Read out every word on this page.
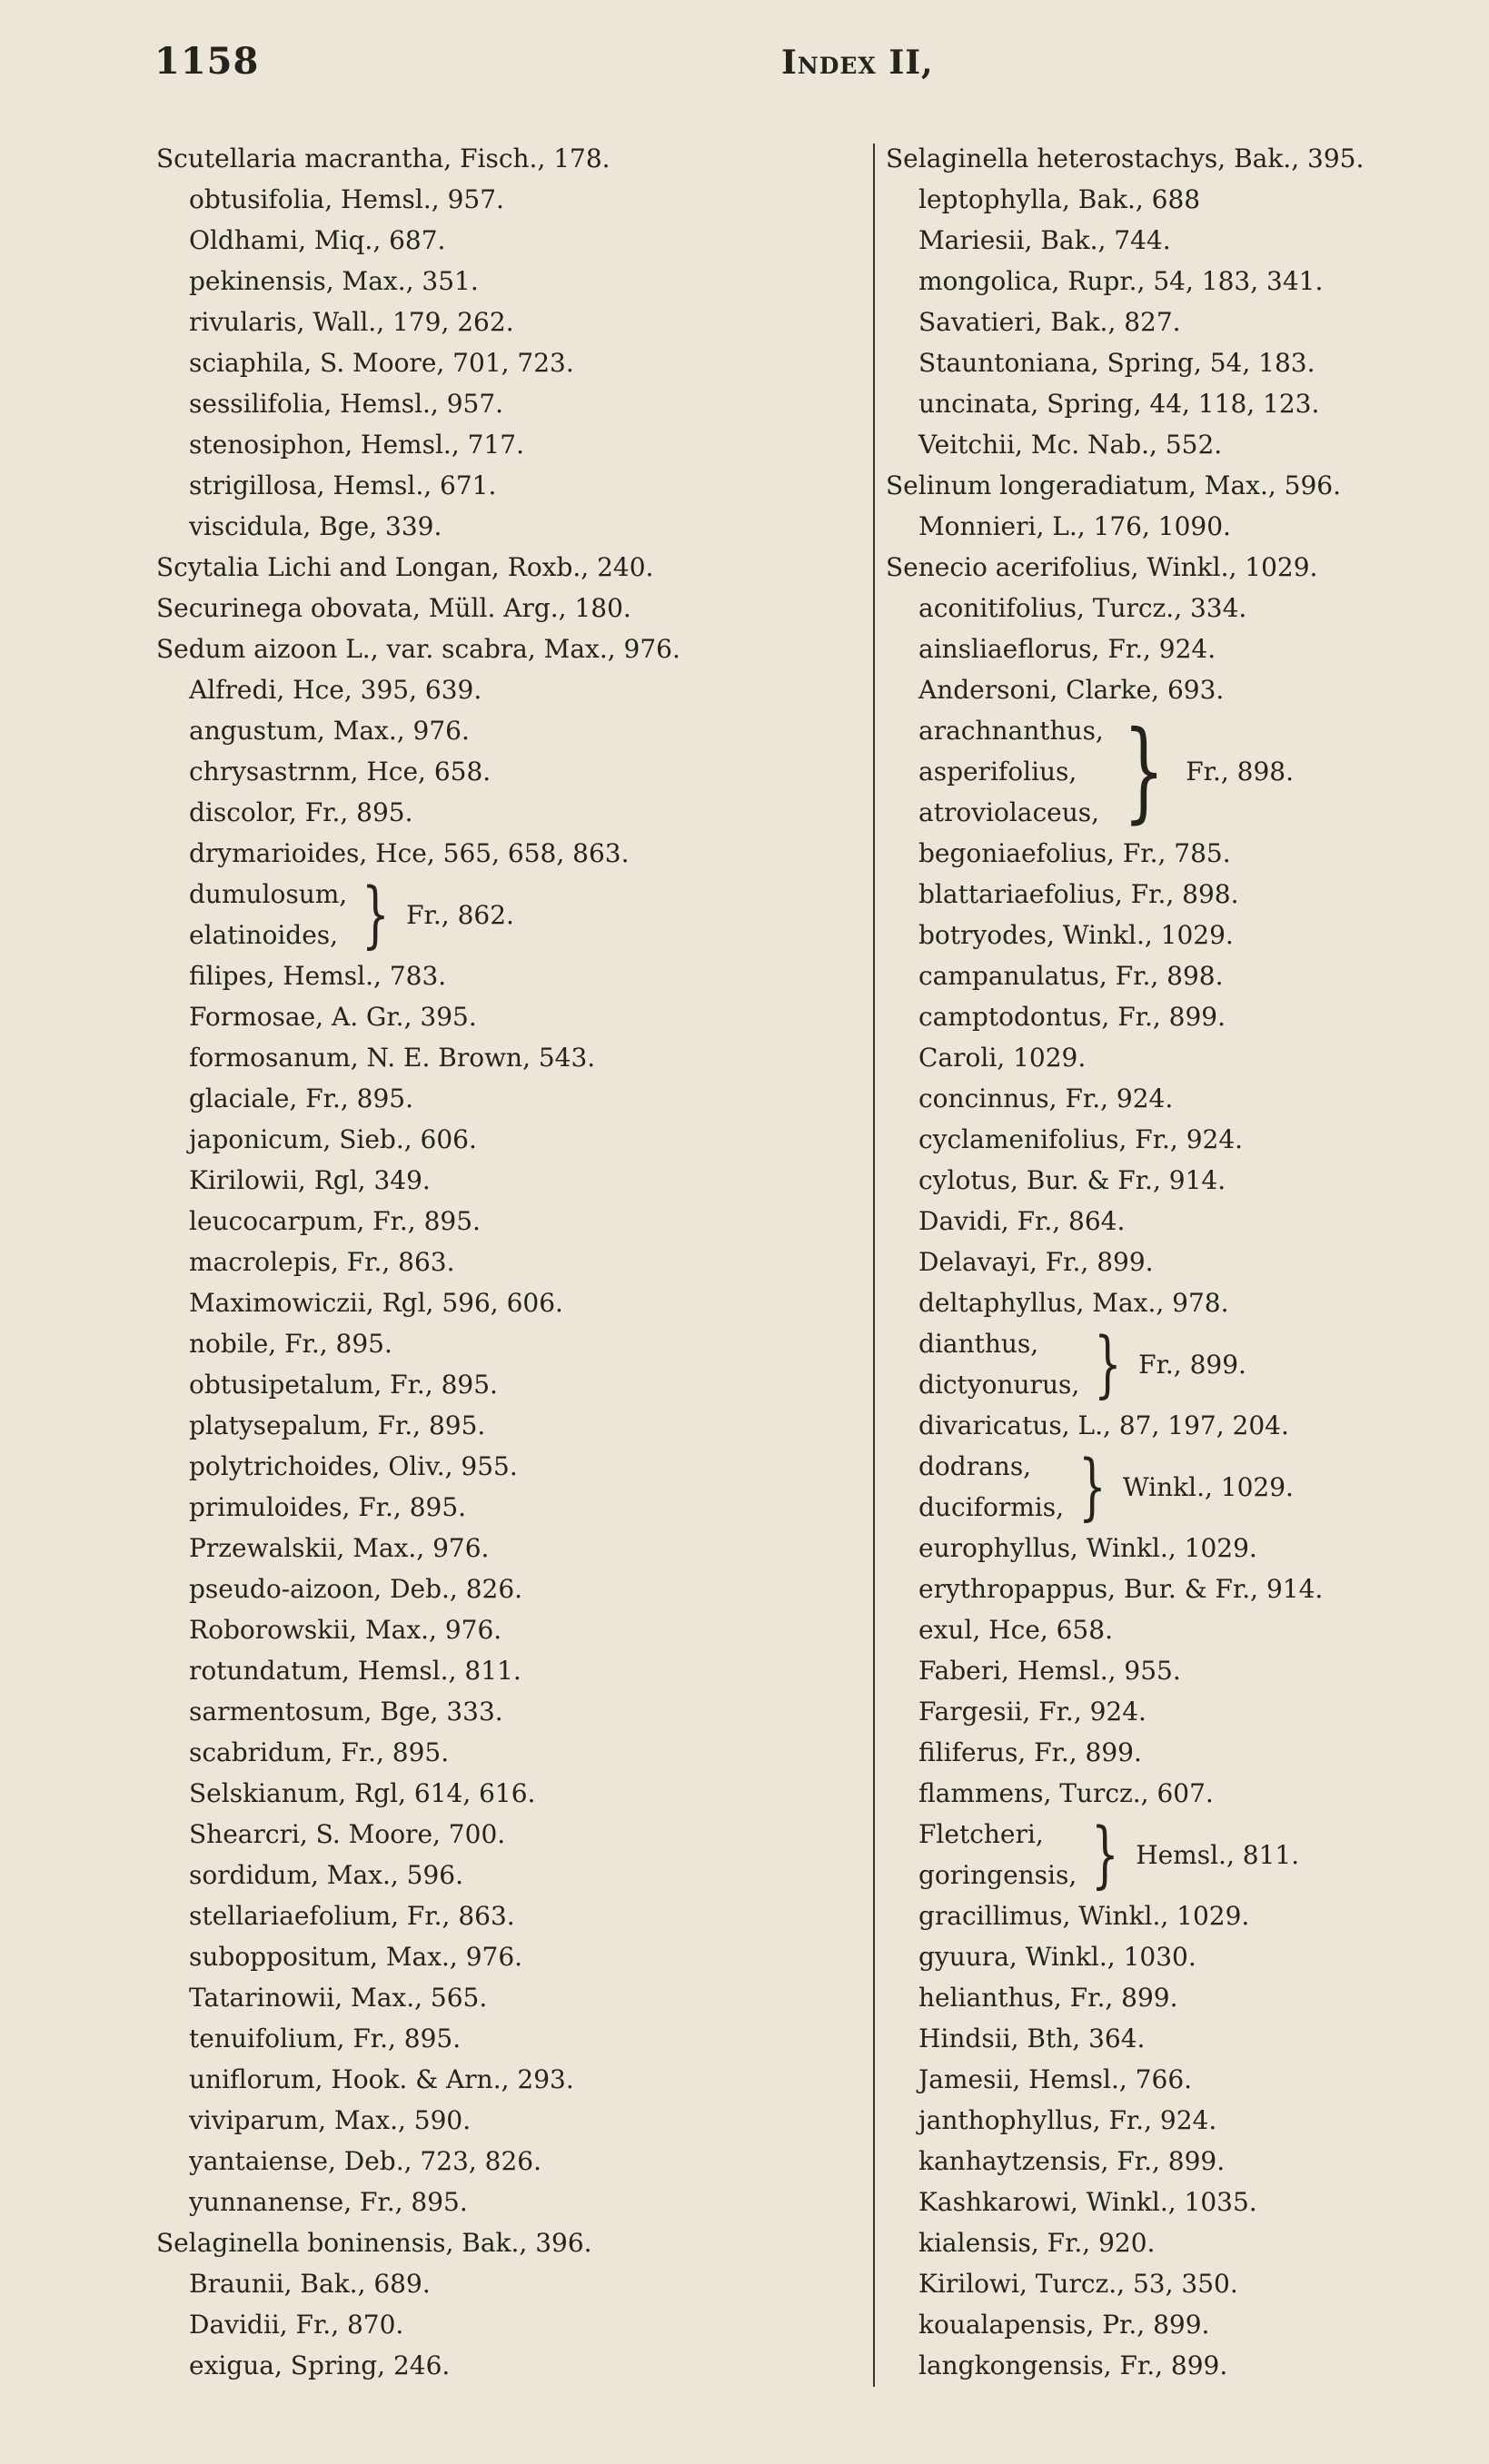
1158	Index II,
Scutellaria macrantha, Fisch., 178.
obtusifolia, Hemsl., 957.
Oldhami, Miq., 687.
pekinensis, Max., 351.
rivularis, Wall., 179, 262.
sciaphila, S. Moore, 701, 723.
sessilifolia, Hemsl., 957.
stenosiphon, Hemsl., 717.
strigillosa, Hemsl., 671.
viscidula, Bge, 339.
Scytalia Lichi and Longan, Roxb., 240.
Securinega obovata, Müll. Arg., 180.
Sedum aizoon L., var. scabra, Max., 976.
Alfredi, Hce, 395, 639.
angustum, Max., 976.
chrysastrnm, Hce, 658.
discolor, Fr., 895.
drymarioides, Hce, 565, 658, 863.
dumulosum,
elatinoides, } Fr., 862.
filipes, Hemsl., 783.
Formosae, A. Gr., 395.
formosanum, N. E. Brown, 543.
glaciale, Fr., 895.
japonicum, Sieb., 606.
Kirilowii, Rgl, 349.
leucocarpum, Fr., 895.
macrolepis, Fr., 863.
Maximowiczii, Rgl, 596, 606.
nobile, Fr., 895.
obtusipetalum, Fr., 895.
platysepalum, Fr., 895.
polytrichoides, Oliv., 955.
primuloides, Fr., 895.
Przewalskii, Max., 976.
pseudo-aizoon, Deb., 826.
Roborowskii, Max., 976.
rotundatum, Hemsl., 811.
sarmentosum, Bge, 333.
scabridum, Fr., 895.
Selskianum, Rgl, 614, 616.
Shearcri, S. Moore, 700.
sordidum, Max., 596.
stellariaefolium, Fr., 863.
suboppositum, Max., 976.
Tatarinowii, Max., 565.
tenuifolium, Fr., 895.
uniflorum, Hook. & Arn., 293.
viviparum, Max., 590.
yantaiense, Deb., 723, 826.
yunnanense, Fr., 895.
Selaginella boninensis, Bak., 396.
Braunii, Bak., 689.
Davidii, Fr., 870.
exigua, Spring, 246.
Selaginella heterostachys, Bak., 395.
leptophylla, Bak., 688
Mariesii, Bak., 744.
mongolica, Rupr., 54, 183, 341.
Savatieri, Bak., 827.
Stauntoniana, Spring, 54, 183.
uncinata, Spring, 44, 118, 123.
Veitchii, Mc. Nab., 552.
Selinum longeradiatum, Max., 596.
Monnieri, L., 176, 1090.
Senecio acerifolius, Winkl., 1029.
aconitifolius, Turcz., 334.
ainsliaeflorus, Fr., 924.
Andersoni, Clarke, 693.
arachnanthus,
asperifolius,
atroviolaceus, } Fr., 898.
begoniaefolius, Fr., 785.
blattariaefolius, Fr., 898.
botryodes, Winkl., 1029.
campanulatus, Fr., 898.
camptodontus, Fr., 899.
Caroli, 1029.
concinnus, Fr., 924.
cyclamenifolius, Fr., 924.
cylotus, Bur. & Fr., 914.
Davidi, Fr., 864.
Delavayi, Fr., 899.
deltaphyllus, Max., 978.
dianthus,
dictyonurus, } Fr., 899.
divaricatus, L., 87, 197, 204.
dodrans,
duciformis, } Winkl., 1029.
europhyllus, Winkl., 1029.
erythropappus, Bur. & Fr., 914.
exul, Hce, 658.
Faberi, Hemsl., 955.
Fargesii, Fr., 924.
filiferus, Fr., 899.
flammens, Turcz., 607.
Fletcheri,
goringensis, } Hemsl., 811.
gracillimus, Winkl., 1029.
gyuura, Winkl., 1030.
helianthus, Fr., 899.
Hindsii, Bth, 364.
Jamesii, Hemsl., 766.
janthophyllus, Fr., 924.
kanhaytzensis, Fr., 899.
Kashkarowi, Winkl., 1035.
kialensis, Fr., 920.
Kirilowi, Turcz., 53, 350.
koualapensis, Pr., 899.
langkongensis, Fr., 899.
